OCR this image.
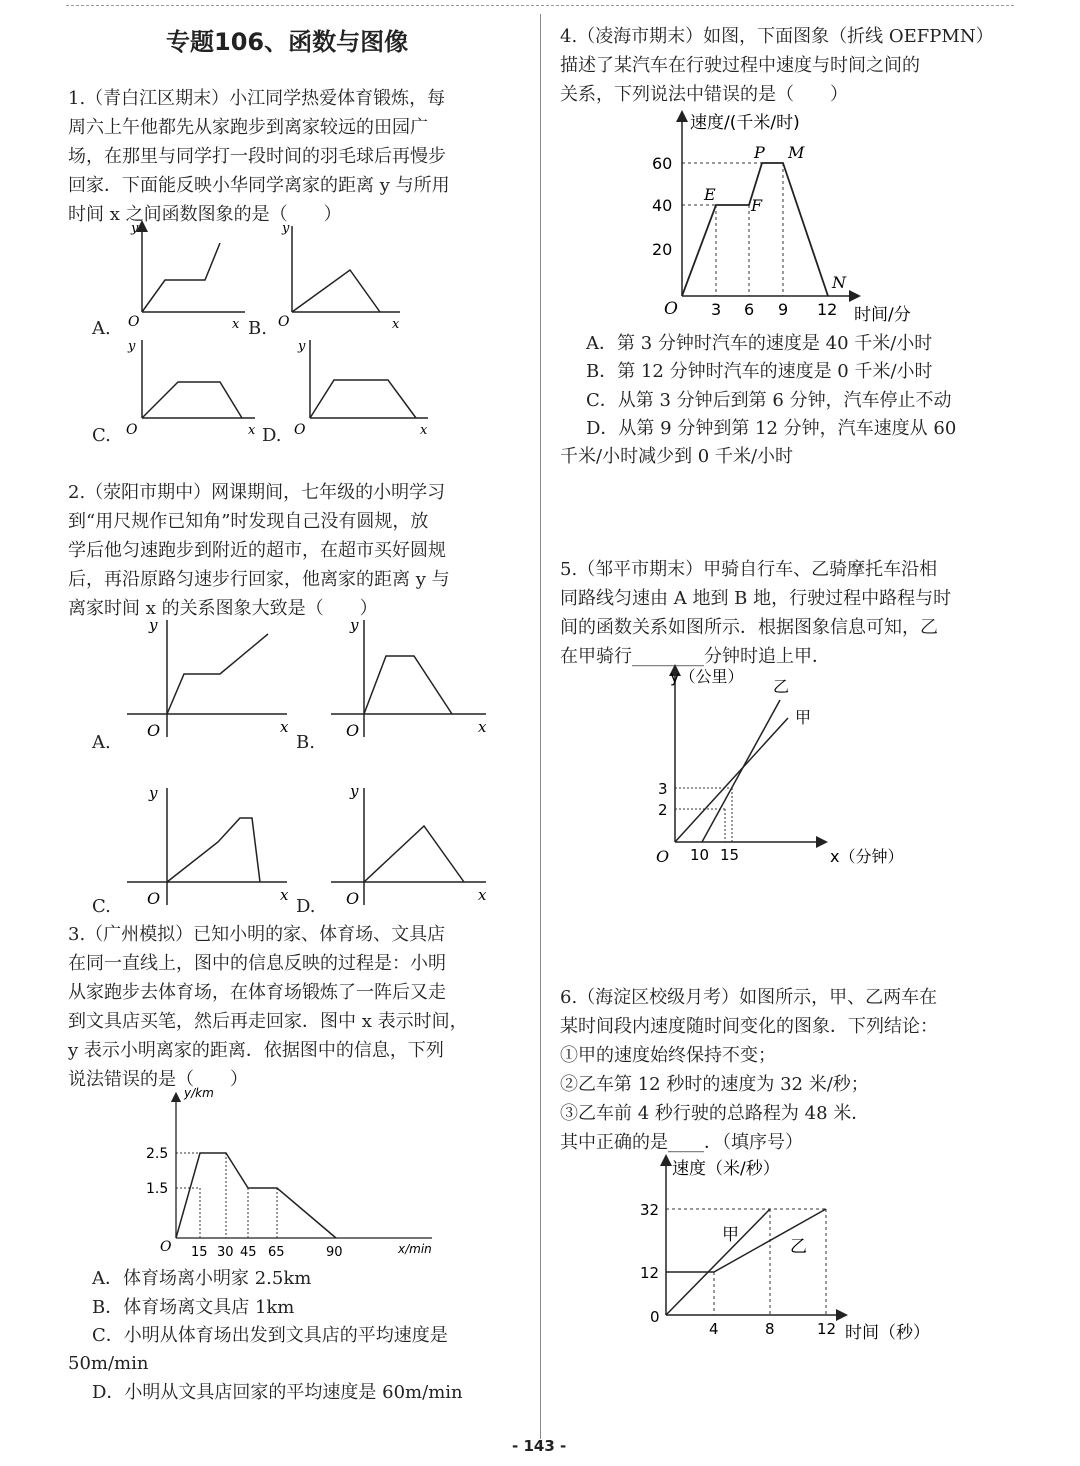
专题106、函数与图像
1.（青白江区期末）小江同学热爱体育锻炼，每
周六上午他都先从家跑步到离家较远的田园广
场，在那里与同学打一段时间的羽毛球后再慢步
回家．下面能反映小华同学离家的距离 y 与所用
时间 x 之间函数图象的是（　　）
A.	B.
C.	D.
y
O	x
y
O	x
y
O	x
y
O	x
2.（荥阳市期中）网课期间，七年级的小明学习
到“用尺规作已知角”时发现自己没有圆规，放
学后他匀速跑步到附近的超市，在超市买好圆规
后，再沿原路匀速步行回家，他离家的距离 y 与
离家时间 x 的关系图象大致是（　　）
A.	B.
C.	D.
y
O	x
y
O	x
y
O	x
y
O	x
3.（广州模拟）已知小明的家、体育场、文具店
在同一直线上，图中的信息反映的过程是：小明
从家跑步去体育场，在体育场锻炼了一阵后又走
到文具店买笔，然后再走回家．图中 x 表示时间，
y 表示小明离家的距离．依据图中的信息，下列
说法错误的是（　　）
y/km
x/min
O
2.5
1.5
15 30 45 65	90
A．体育场离小明家 2.5km
B．体育场离文具店 1km
C．小明从体育场出发到文具店的平均速度是
50m/min
D．小明从文具店回家的平均速度是 60m/min
4.（凌海市期末）如图，下面图象（折线 OEFPMN）
描述了某汽车在行驶过程中速度与时间之间的
关系，下列说法中错误的是（　　）
速度/(千米/时)
时间/分
O
60
40
20
3 6 9 12
E
F
P M
N
A．第 3 分钟时汽车的速度是 40 千米/小时
B．第 12 分钟时汽车的速度是 0 千米/小时
C．从第 3 分钟后到第 6 分钟，汽车停止不动
D．从第 9 分钟到第 12 分钟，汽车速度从 60
千米/小时减少到 0 千米/小时
5.（邹平市期末）甲骑自行车、乙骑摩托车沿相
同路线匀速由 A 地到 B 地，行驶过程中路程与时
间的函数关系如图所示．根据图象信息可知，乙
在甲骑行________分钟时追上甲．
y（公里）
x（分钟）
O
3
2
10 15
乙
甲
6.（海淀区校级月考）如图所示，甲、乙两车在
某时间段内速度随时间变化的图象．下列结论：
①甲的速度始终保持不变；
②乙车第 12 秒时的速度为 32 米/秒；
③乙车前 4 秒行驶的总路程为 48 米．
其中正确的是____．（填序号）
速度（米/秒）
时间（秒）
0
32
12
4	8	12
甲
乙
- 143 -
